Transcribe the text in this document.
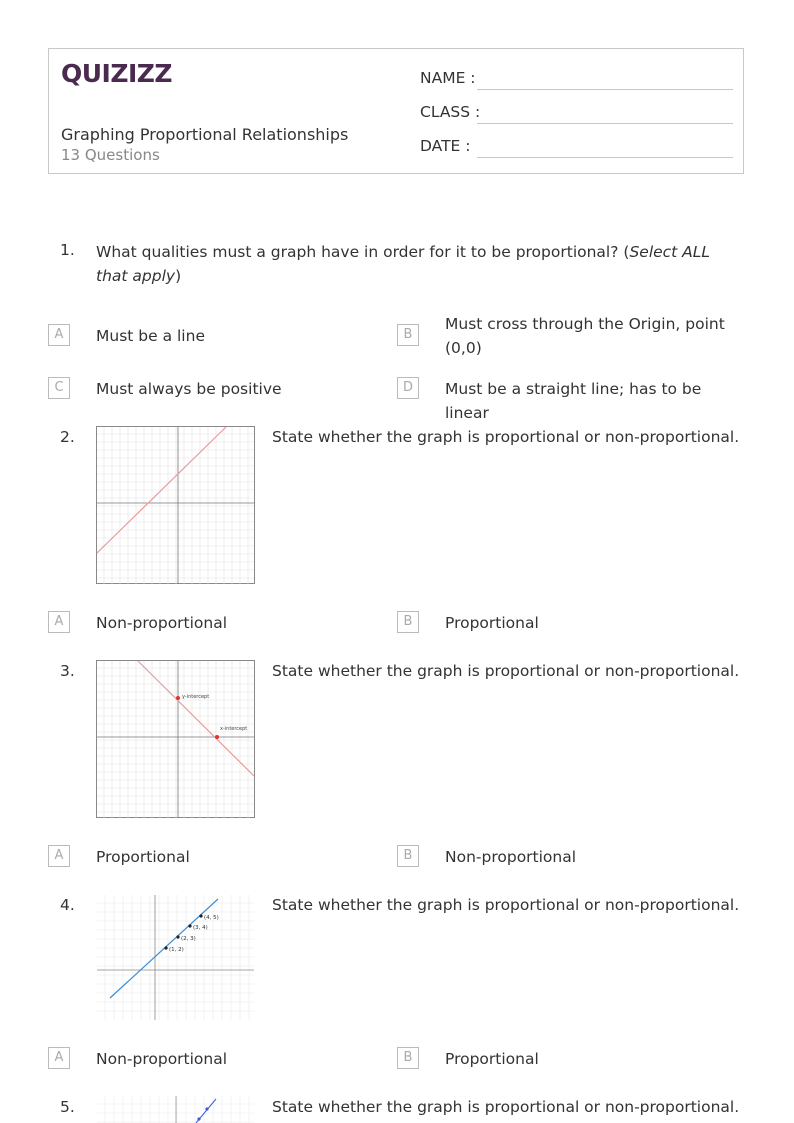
QUIZIZZ
Graphing Proportional Relationships
13 Questions
NAME :
CLASS :
DATE :
1. What qualities must a graph have in order for it to be proportional? (Select ALL that apply)
A	Must be a line	B
Must cross through the Origin, point (0,0)
C	Must always be positive	D	Must be a straight line; has to be linear
2.	State whether the graph is proportional or non-proportional.
A	Non-proportional	B	Proportional
3.
y-intercept
x-intercept
State whether the graph is proportional or non-proportional.
A	Proportional	B	Non-proportional
4.
(4, 5)
(3, 4)
(2, 3)
(1, 2)
State whether the graph is proportional or non-proportional.
A	Non-proportional	B	Proportional
5.	State whether the graph is proportional or non-proportional.
